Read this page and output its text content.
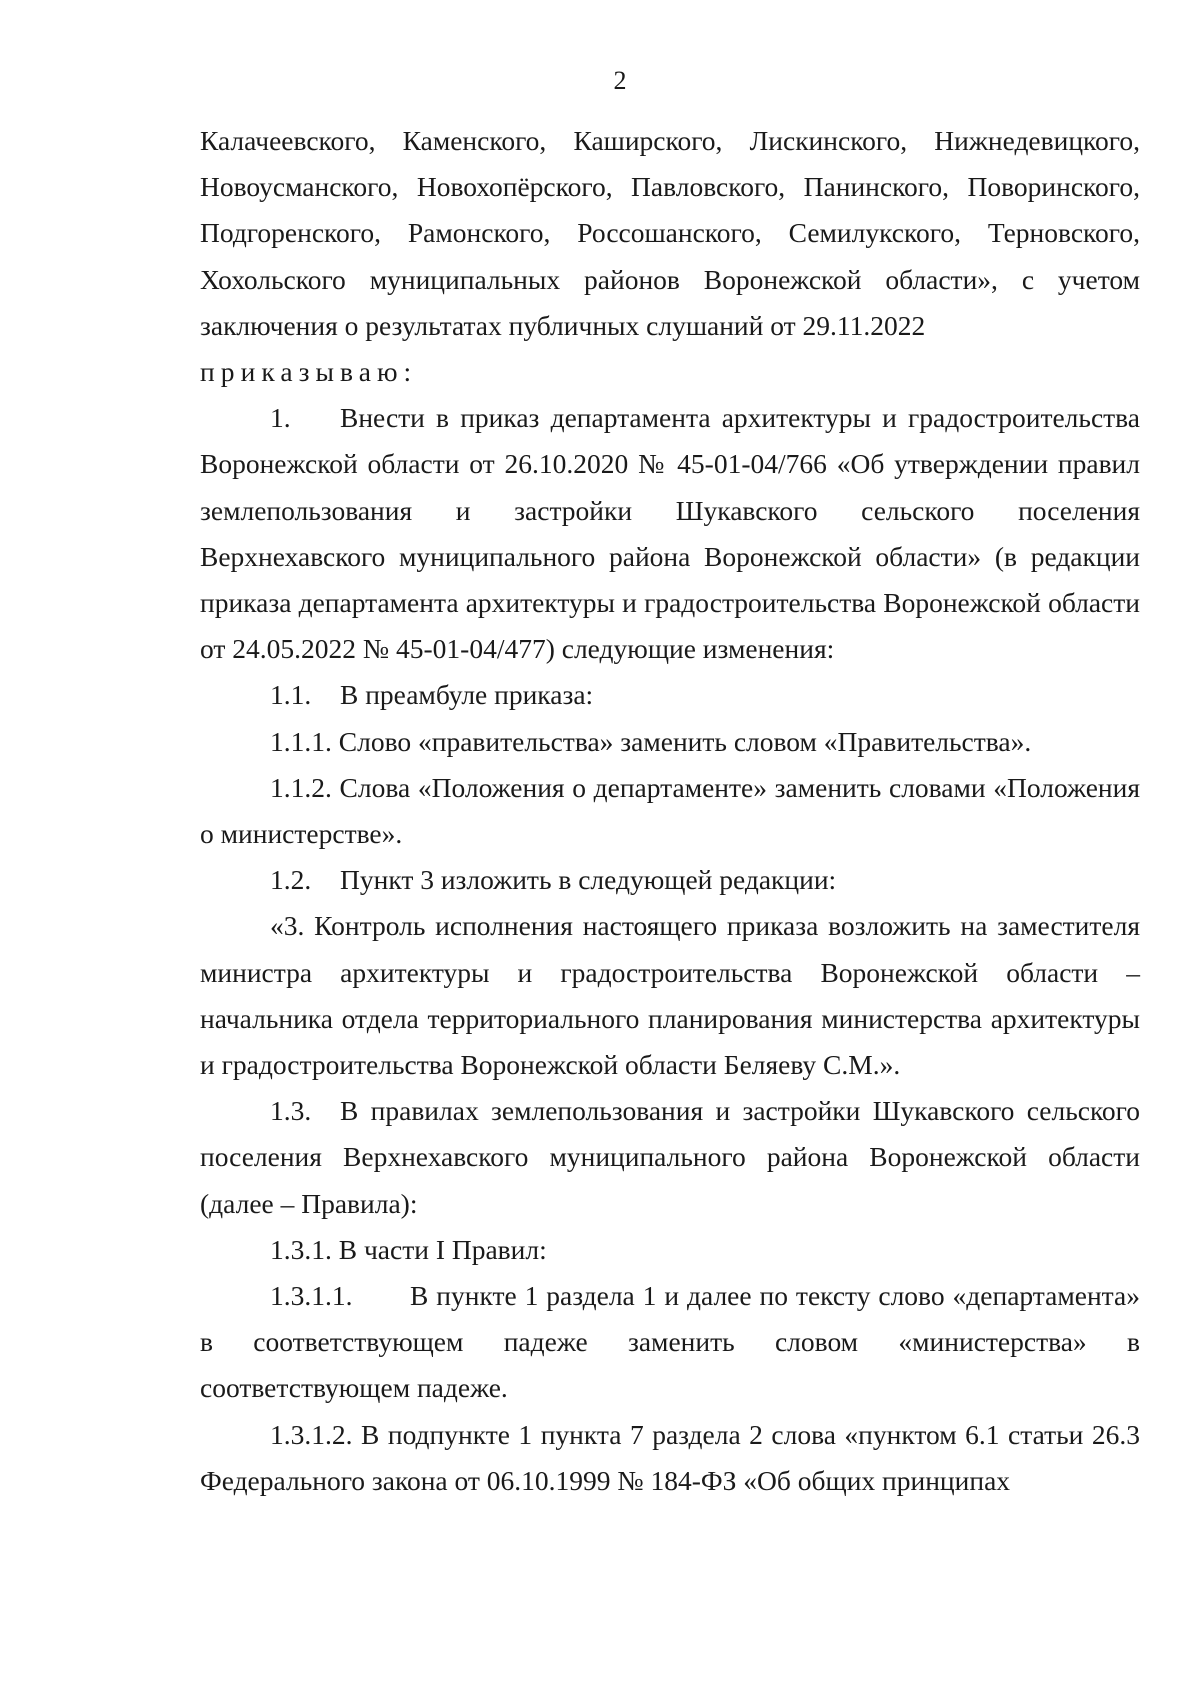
2

Калачеевского, Каменского, Каширского, Лискинского, Нижнедевицкого, Новоусманского, Новохопёрского, Павловского, Панинского, Поворинского, Подгоренского, Рамонского, Россошанского, Семилукского, Терновского, Хохольского муниципальных районов Воронежской области», с учетом заключения о результатах публичных слушаний от 29.11.2022

приказываю:

1. Внести в приказ департамента архитектуры и градостроительства Воронежской области от 26.10.2020 № 45-01-04/766 «Об утверждении правил землепользования и застройки Шукавского сельского поселения Верхнехавского муниципального района Воронежской области» (в редакции приказа департамента архитектуры и градостроительства Воронежской области от 24.05.2022 № 45-01-04/477) следующие изменения:

1.1. В преамбуле приказа:

1.1.1. Слово «правительства» заменить словом «Правительства».

1.1.2. Слова «Положения о департаменте» заменить словами «Положения о министерстве».

1.2. Пункт 3 изложить в следующей редакции:

«3. Контроль исполнения настоящего приказа возложить на заместителя министра архитектуры и градостроительства Воронежской области – начальника отдела территориального планирования министерства архитектуры и градостроительства Воронежской области Беляеву С.М.».

1.3. В правилах землепользования и застройки Шукавского сельского поселения Верхнехавского муниципального района Воронежской области (далее – Правила):

1.3.1. В части I Правил:

1.3.1.1. В пункте 1 раздела 1 и далее по тексту слово «департамента» в соответствующем падеже заменить словом «министерства» в соответствующем падеже.

1.3.1.2. В подпункте 1 пункта 7 раздела 2 слова «пунктом 6.1 статьи 26.3 Федерального закона от 06.10.1999 № 184-ФЗ «Об общих принципах
